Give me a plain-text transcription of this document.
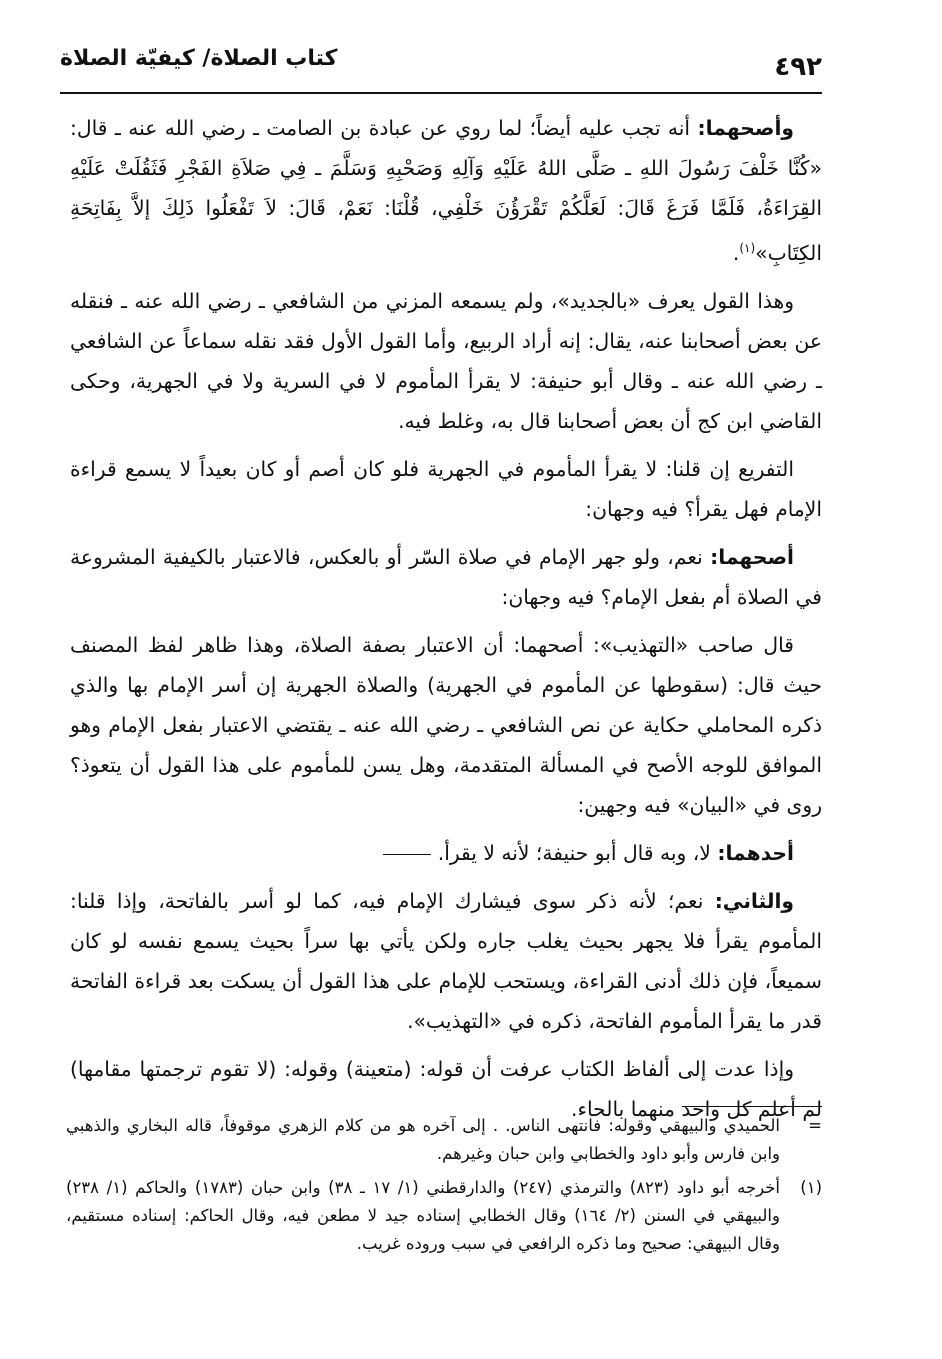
كتاب الصلاة/ كيفيّة الصلاة	٤٩٢

وأصحهما: أنه تجب عليه أيضاً؛ لما روي عن عبادة بن الصامت ـ رضي الله عنه ـ قال: «كُنَّا خَلْفَ رَسُولَ اللهِ ـ صَلَّى اللهُ عَلَيْهِ وَآلِهِ وَصَحْبِهِ وَسَلَّمَ ـ فِي صَلاَةِ الفَجْرِ فَثَقُلَتْ عَلَيْهِ القِرَاءَةُ، فَلَمَّا فَرَغَ قَالَ: لَعَلَّكُمْ تَقْرَؤُنَ خَلْفِي، قُلْنَا: نَعَمْ، قَالَ: لاَ تَفْعَلُوا ذَلِكَ إلاَّ بِفَاتِحَةِ الكِتَابِ»$^{(١)}$.

وهذا القول يعرف «بالجديد»، ولم يسمعه المزني من الشافعي ـ رضي الله عنه ـ فنقله عن بعض أصحابنا عنه، يقال: إنه أراد الربيع، وأما القول الأول فقد نقله سماعاً عن الشافعي ـ رضي الله عنه ـ وقال أبو حنيفة: لا يقرأ المأموم لا في السرية ولا في الجهرية، وحكى القاضي ابن كج أن بعض أصحابنا قال به، وغلط فيه.

التفريع إن قلنا: لا يقرأ المأموم في الجهرية فلو كان أصم أو كان بعيداً لا يسمع قراءة الإمام فهل يقرأ؟ فيه وجهان:

أصحهما: نعم، ولو جهر الإمام في صلاة السّر أو بالعكس، فالاعتبار بالكيفية المشروعة في الصلاة أم بفعل الإمام؟ فيه وجهان:

قال صاحب «التهذيب»: أصحهما: أن الاعتبار بصفة الصلاة، وهذا ظاهر لفظ المصنف حيث قال: (سقوطها عن المأموم في الجهرية) والصلاة الجهرية إن أسر الإمام بها والذي ذكره المحاملي حكاية عن نص الشافعي ـ رضي الله عنه ـ يقتضي الاعتبار بفعل الإمام وهو الموافق للوجه الأصح في المسألة المتقدمة، وهل يسن للمأموم على هذا القول أن يتعوذ؟ روى في «البيان» فيه وجهين:

أحدهما: لا، وبه قال أبو حنيفة؛ لأنه لا يقرأ.

والثاني: نعم؛ لأنه ذكر سوى فيشارك الإمام فيه، كما لو أسر بالفاتحة، وإذا قلنا: المأموم يقرأ فلا يجهر بحيث يغلب جاره ولكن يأتي بها سراً بحيث يسمع نفسه لو كان سميعاً، فإن ذلك أدنى القراءة، ويستحب للإمام على هذا القول أن يسكت بعد قراءة الفاتحة قدر ما يقرأ المأموم الفاتحة، ذكره في «التهذيب».

وإذا عدت إلى ألفاظ الكتاب عرفت أن قوله: (متعينة) وقوله: (لا تقوم ترجمتها مقامها) لم أعلم كل واحد منهما بالحاء.

=
الحميدي والبيهقي وقوله: فانتهى الناس. . إلى آخره هو من كلام الزهري موقوفاً، قاله البخاري والذهبي وابن فارس وأبو داود والخطابي وابن حبان وغيرهم.
(١)
أخرجه أبو داود (٨٢٣) والترمذي (٢٤٧) والدارقطني (١/ ١٧ ـ ٣٨) وابن حبان (١٧٨٣) والحاكم (١/ ٢٣٨) والبيهقي في السنن (٢/ ١٦٤) وقال الخطابي إسناده جيد لا مطعن فيه، وقال الحاكم: إسناده مستقيم، وقال البيهقي: صحيح وما ذكره الرافعي في سبب وروده غريب.
